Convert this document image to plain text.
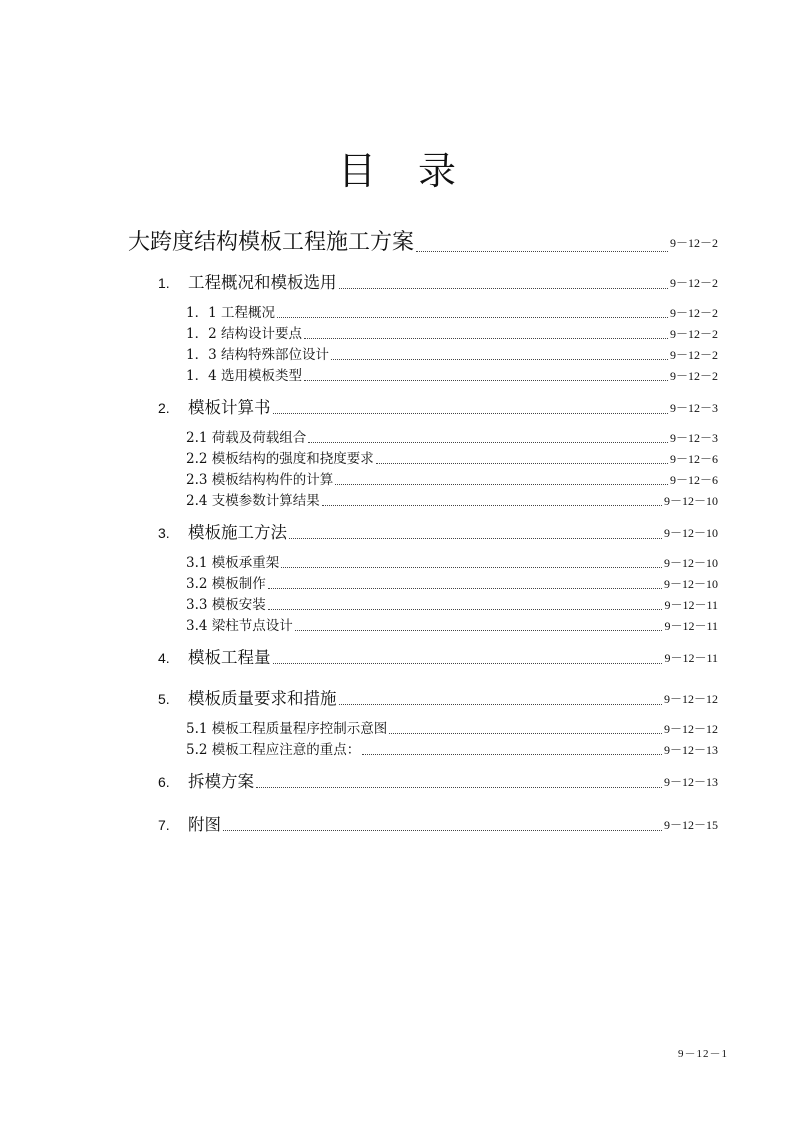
目录
大跨度结构模板工程施工方案	9－12－2
1.	工程概况和模板选用	9－12－2
1．1 工程概况	9－12－2
1．2 结构设计要点	9－12－2
1．3 结构特殊部位设计	9－12－2
1．4 选用模板类型	9－12－2
2.	模板计算书	9－12－3
2.1 荷载及荷载组合	9－12－3
2.2 模板结构的强度和挠度要求	9－12－6
2.3 模板结构构件的计算	9－12－6
2.4 支模参数计算结果	9－12－10
3.	模板施工方法	9－12－10
3.1 模板承重架	9－12－10
3.2 模板制作	9－12－10
3.3 模板安装	9－12－11
3.4 梁柱节点设计	9－12－11
4.	模板工程量	9－12－11
5.	模板质量要求和措施	9－12－12
5.1 模板工程质量程序控制示意图	9－12－12
5.2 模板工程应注意的重点：	9－12－13
6.	拆模方案	9－12－13
7.	附图	9－12－15
9－12－1
